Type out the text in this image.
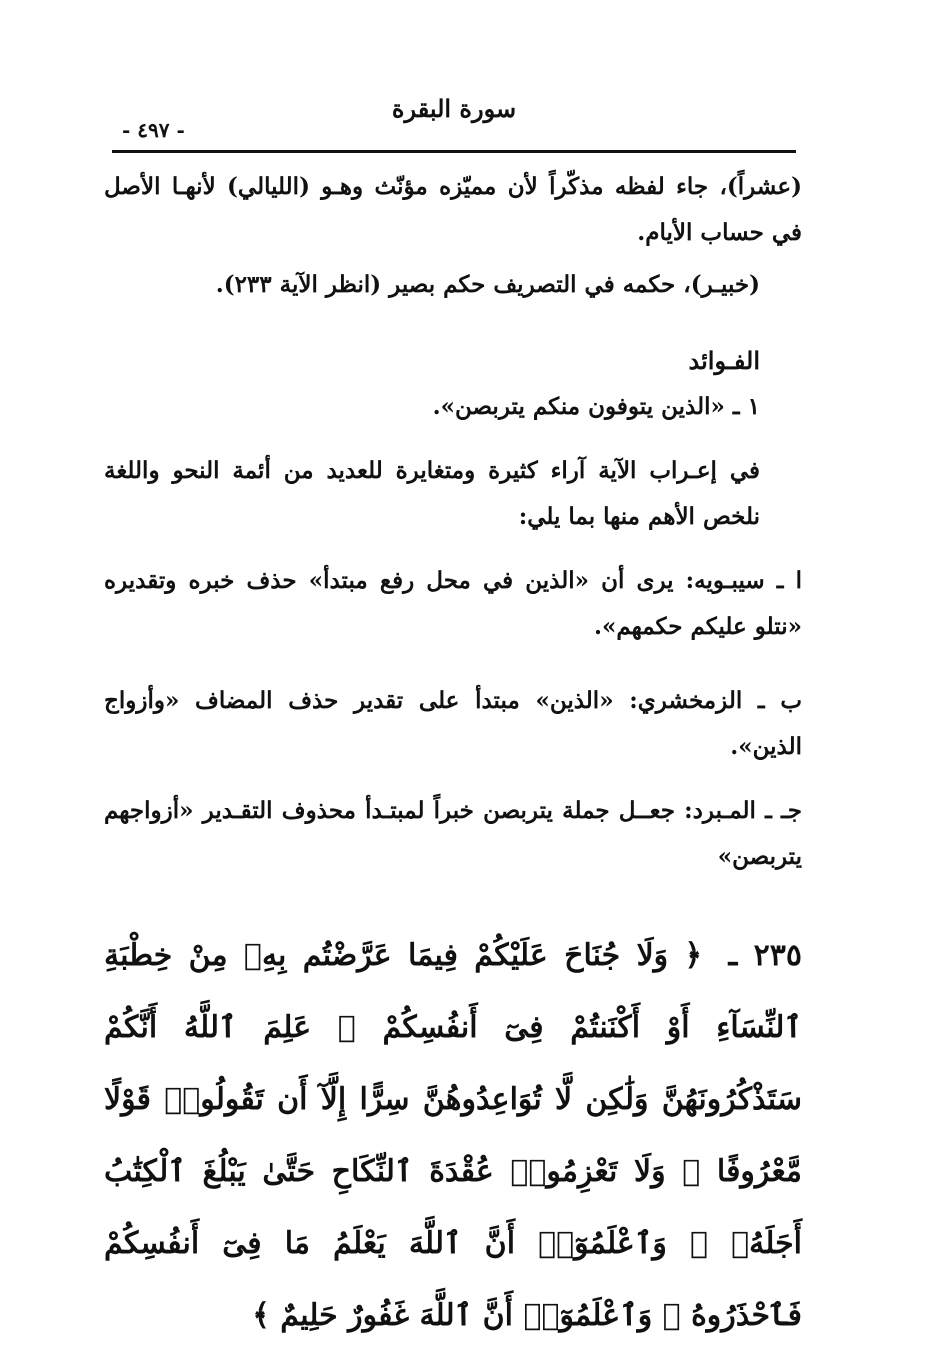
سورة البقرة
- ٤٩٧ -

(عشراً)، جاء لفظه مذكّراً لأن مميّزه مؤنّث وهـو (الليالي) لأنهـا الأصل في حساب الأيام.

(خبيـر)، حكمه في التصريف حكم بصير (انظر الآية ٢٣٣).

الفـوائد

١ ـ «الذين يتوفون منكم يتربصن».

في إعـراب الآية آراء كثيرة ومتغايرة للعديد من أئمة النحو واللغة نلخص الأهم منها بما يلي:

ا ـ سيبـويه: يرى أن «الذين في محل رفع مبتدأ» حذف خبره وتقديره «نتلو عليكم حكمهم».

ب ـ الزمخشري: «الذين» مبتدأ على تقدير حذف المضاف «وأزواج الذين».

جـ ـ المـبرد: جعــل جملة يتربصن خبراً لمبتـدأ محذوف التقـدير «أزواجهم يتربصن»

٢٣٥ ـ ﴿ وَلَا جُنَاحَ عَلَيْكُمْ فِيمَا عَرَّضْتُم بِهِۦ مِنْ خِطْبَةِ ٱلنِّسَآءِ أَوْ أَكْنَنتُمْ فِىٓ أَنفُسِكُمْ ۚ عَلِمَ ٱللَّهُ أَنَّكُمْ سَتَذْكُرُونَهُنَّ وَلَٰكِن لَّا تُوَاعِدُوهُنَّ سِرًّا إِلَّآ أَن تَقُولُوا۟ قَوْلًا مَّعْرُوفًا ۚ وَلَا تَعْزِمُوا۟ عُقْدَةَ ٱلنِّكَاحِ حَتَّىٰ يَبْلُغَ ٱلْكِتَٰبُ أَجَلَهُۥ ۚ وَٱعْلَمُوٓا۟ أَنَّ ٱللَّهَ يَعْلَمُ مَا فِىٓ أَنفُسِكُمْ فَٱحْذَرُوهُ ۚ وَٱعْلَمُوٓا۟ أَنَّ ٱللَّهَ غَفُورٌ حَلِيمٌ ﴾
